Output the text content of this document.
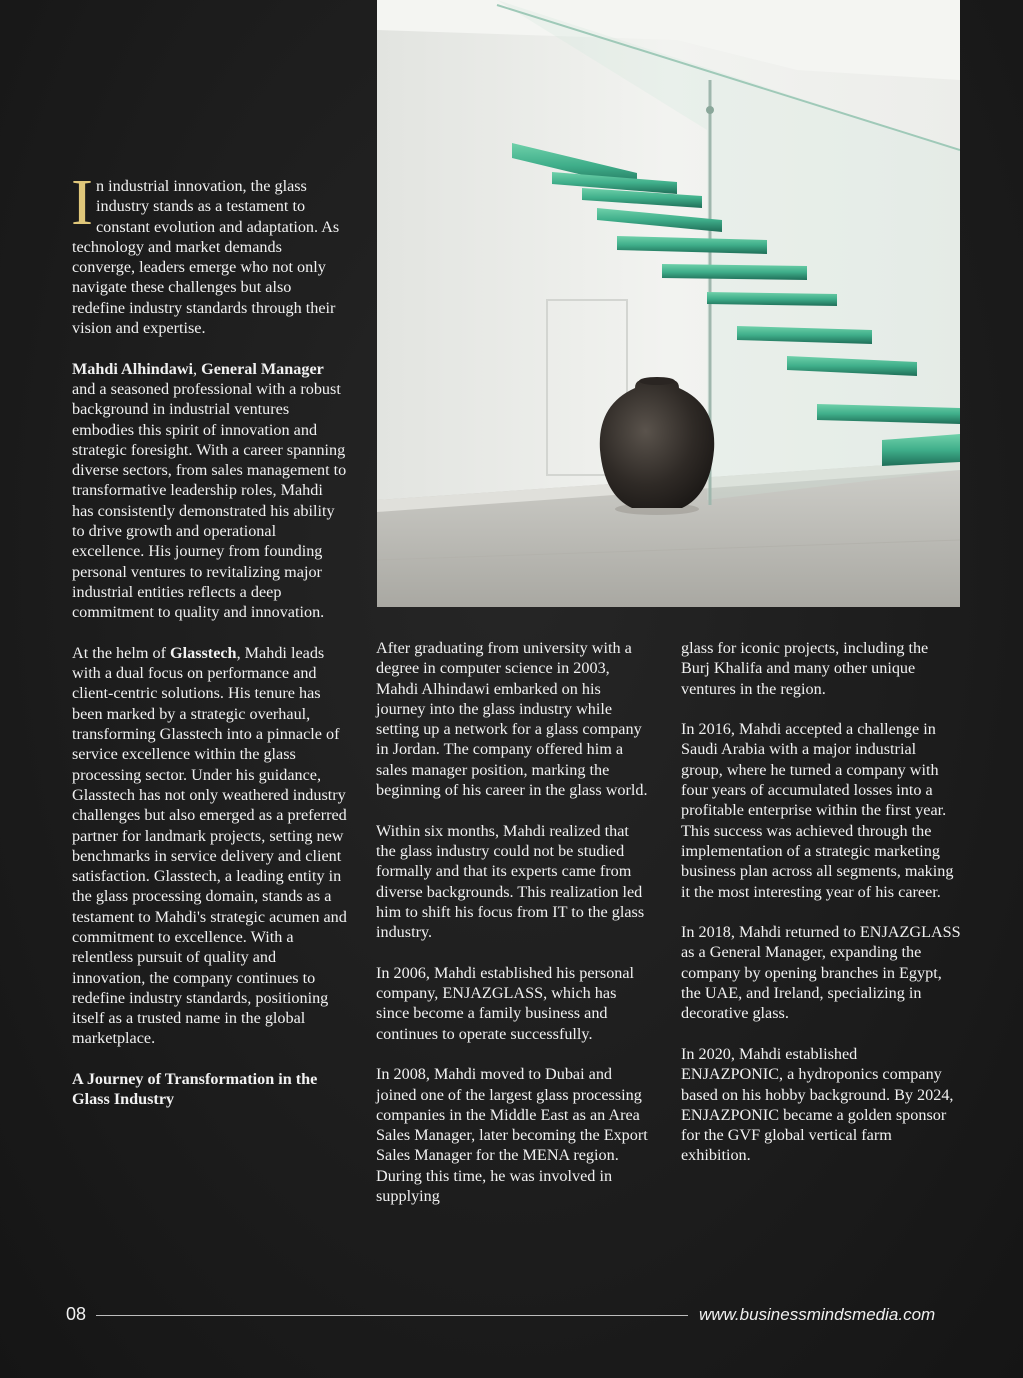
In industrial innovation, the glass industry stands as a testament to constant evolution and adaptation. As technology and market demands converge, leaders emerge who not only navigate these challenges but also redefine industry standards through their vision and expertise.

Mahdi Alhindawi, General Manager and a seasoned professional with a robust background in industrial ventures embodies this spirit of innovation and strategic foresight. With a career spanning diverse sectors, from sales management to transformative leadership roles, Mahdi has consistently demonstrated his ability to drive growth and operational excellence. His journey from founding personal ventures to revitalizing major industrial entities reflects a deep commitment to quality and innovation.

At the helm of Glasstech, Mahdi leads with a dual focus on performance and client-centric solutions. His tenure has been marked by a strategic overhaul, transforming Glasstech into a pinnacle of service excellence within the glass processing sector. Under his guidance, Glasstech has not only weathered industry challenges but also emerged as a preferred partner for landmark projects, setting new benchmarks in service delivery and client satisfaction. Glasstech, a leading entity in the glass processing domain, stands as a testament to Mahdi's strategic acumen and commitment to excellence. With a relentless pursuit of quality and innovation, the company continues to redefine industry standards, positioning itself as a trusted name in the global marketplace.

A Journey of Transformation in the Glass Industry

After graduating from university with a degree in computer science in 2003, Mahdi Alhindawi embarked on his journey into the glass industry while setting up a network for a glass company in Jordan. The company offered him a sales manager position, marking the beginning of his career in the glass world.

Within six months, Mahdi realized that the glass industry could not be studied formally and that its experts came from diverse backgrounds. This realization led him to shift his focus from IT to the glass industry.

In 2006, Mahdi established his personal company, ENJAZGLASS, which has since become a family business and continues to operate successfully.

In 2008, Mahdi moved to Dubai and joined one of the largest glass processing companies in the Middle East as an Area Sales Manager, later becoming the Export Sales Manager for the MENA region. During this time, he was involved in supplying

glass for iconic projects, including the Burj Khalifa and many other unique ventures in the region.

In 2016, Mahdi accepted a challenge in Saudi Arabia with a major industrial group, where he turned a company with four years of accumulated losses into a profitable enterprise within the first year. This success was achieved through the implementation of a strategic marketing business plan across all segments, making it the most interesting year of his career.

In 2018, Mahdi returned to ENJAZGLASS as a General Manager, expanding the company by opening branches in Egypt, the UAE, and Ireland, specializing in decorative glass.

In 2020, Mahdi established ENJAZPONIC, a hydroponics company based on his hobby background. By 2024, ENJAZPONIC became a golden sponsor for the GVF global vertical farm exhibition.

08	www.businessmindsmedia.com
